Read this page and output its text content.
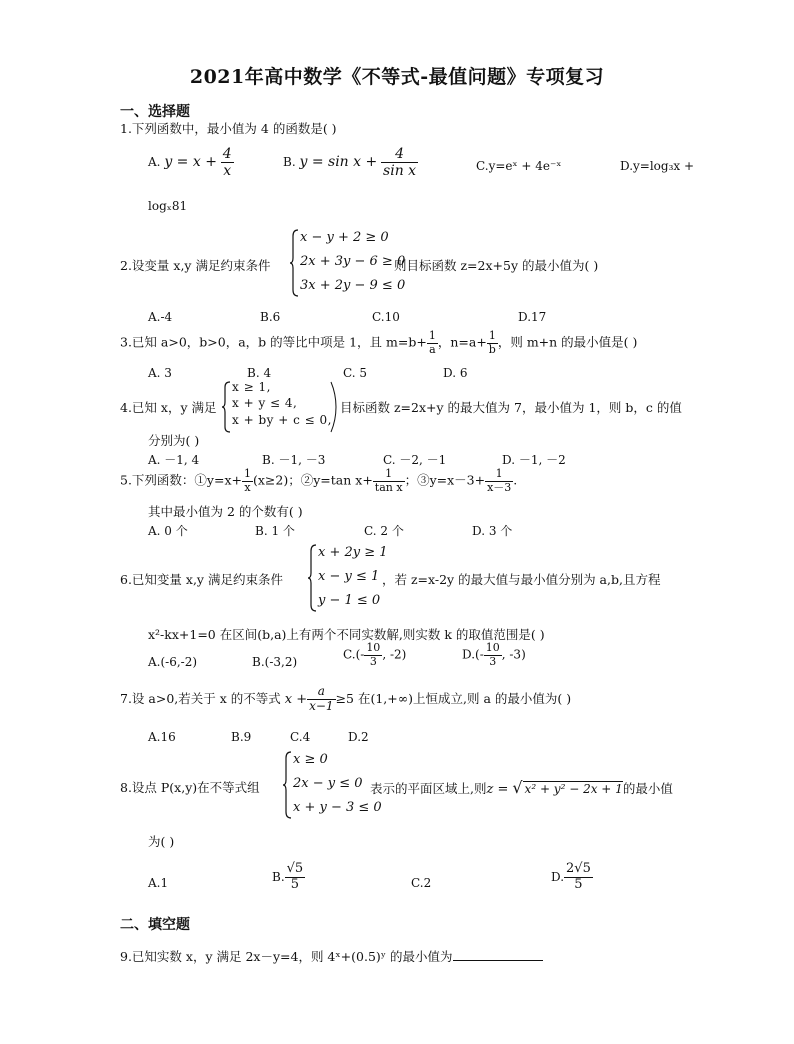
2021年高中数学《不等式-最值问题》专项复习
一、选择题
1.下列函数中，最小值为 4 的函数是( )
A. $y = x + \frac{4}{x}$	B. $y = \sin x + \frac{4}{\text{sin x}}$	C.y=eˣ + 4e⁻ˣ	D.y=log₃x +
logₓ81
2.设变量 x,y 满足约束条件
x − y + 2 ≥ 0
2x + 3y − 6 ≥ 0
3x + 2y − 9 ≤ 0
则目标函数 z=2x+5y 的最小值为( )
A.-4	B.6	C.10	D.17
3.已知 a>0，b>0，a，b 的等比中项是 1，且 $m=b+ \frac{1}{a}$ ，$n=a+ \frac{1}{b}$ ，则 m+n 的最小值是( )
A. 3	B. 4	C. 5	D. 6
4.已知 x，y 满足
x ≥ 1,
x + y ≤ 4,
x + by + c ≤ 0,
目标函数 z=2x+y 的最大值为 7，最小值为 1，则 b，c 的值
分别为( )
A. －1, 4	B. －1, －3	C. －2, －1	D. －1, －2
5.下列函数：①y=x+ $\frac{1}{x} (x\ge 2)$；②y=tan $x+ \frac{1}{\text{tan x}}$ ；③y=x－3+ $\frac{1}{x-3}$ .
其中最小值为 2 的个数有( )
A. 0 个	B. 1 个	C. 2 个	D. 3 个
6.已知变量 x,y 满足约束条件
x + 2y ≥ 1
x − y ≤ 1
y − 1 ≤ 0
，若 z=x-2y 的最大值与最小值分别为 a,b,且方程
x²-kx+1=0 在区间(b,a)上有两个不同实数解,则实数 k 的取值范围是( )
A.(-6,-2)	B.(-3,2)
$C.(- \frac{10}{3}$ , -2)	$D.(- \frac{10}{3}$ , -3)
7.设 a>0,若关于 x 的不等式 $x + \frac{a}{x-1} \ge 5$ 在(1,+∞)上恒成立,则 a 的最小值为( )
A.16	B.9	C.4	D.2
8.设点 P(x,y)在不等式组
x ≥ 0
2x − y ≤ 0
x + y − 3 ≤ 0
表示的平面区域上,则z = √ x² + y² − 2x + 1的最小值
为( )
A.1	B. $\frac{√5}{5}$	C.2	D. $\frac{2√5}{5}$
二、填空题
9.已知实数 x，y 满足 2x－y=4，则 4ˣ+(0.5)ʸ 的最小值为
